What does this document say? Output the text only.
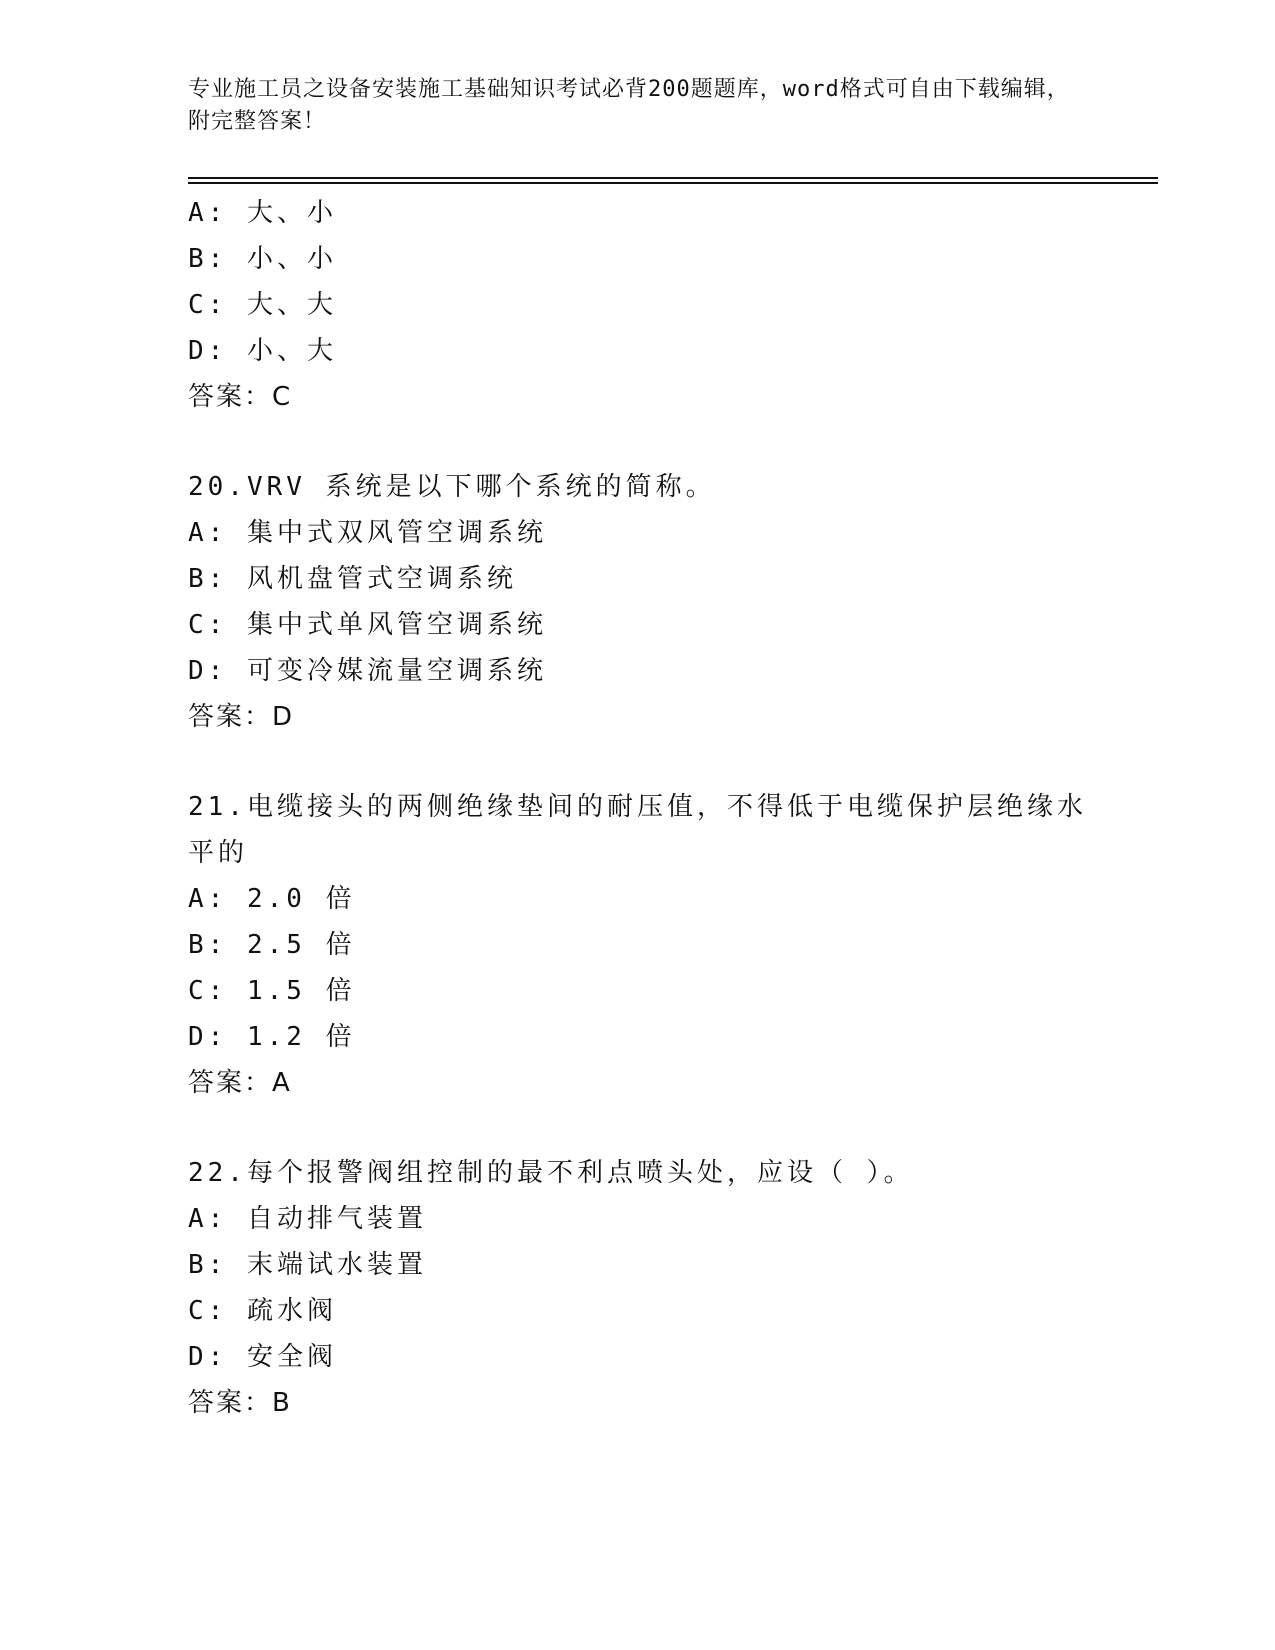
专业施工员之设备安装施工基础知识考试必背200题题库，word格式可自由下载编辑，附完整答案！
A: 大、小
B: 小、小
C: 大、大
D: 小、大
答案：C
20.VRV 系统是以下哪个系统的简称。
A: 集中式双风管空调系统
B: 风机盘管式空调系统
C: 集中式单风管空调系统
D: 可变冷媒流量空调系统
答案：D
21.电缆接头的两侧绝缘垫间的耐压值，不得低于电缆保护层绝缘水平的
A: 2.0 倍
B: 2.5 倍
C: 1.5 倍
D: 1.2 倍
答案：A
22.每个报警阀组控制的最不利点喷头处，应设（ ）。
A: 自动排气装置
B: 末端试水装置
C: 疏水阀
D: 安全阀
答案：B
